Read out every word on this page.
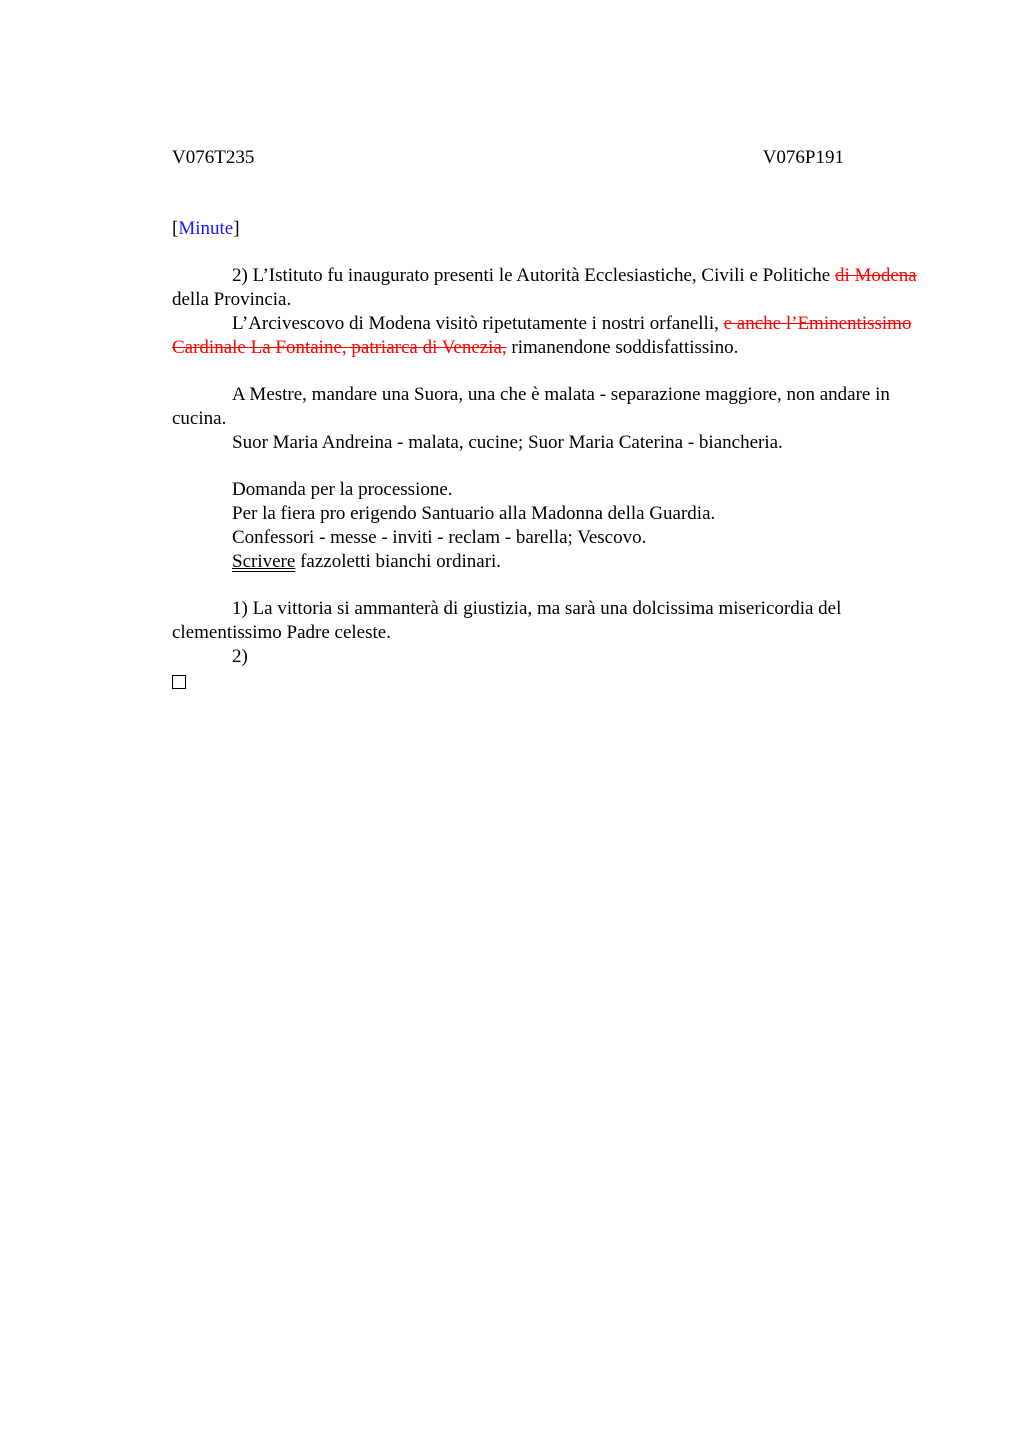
V076T235	V076P191

[Minute]

2) L’Istituto fu inaugurato presenti le Autorità Ecclesiastiche, Civili e Politiche di Modena della Provincia.

L’Arcivescovo di Modena visitò ripetutamente i nostri orfanelli, e anche l’Eminentissimo Cardinale La Fontaine, patriarca di Venezia, rimanendone soddisfattissino.

A Mestre, mandare una Suora, una che è malata - separazione maggiore, non andare in cucina.

Suor Maria Andreina - malata, cucine; Suor Maria Caterina - biancheria.

Domanda per la processione.

Per la fiera pro erigendo Santuario alla Madonna della Guardia.

Confessori - messe - inviti - reclam - barella; Vescovo.

Scrivere fazzoletti bianchi ordinari.

1) La vittoria si ammanterà di giustizia, ma sarà una dolcissima misericordia del clementissimo Padre celeste.

2)
